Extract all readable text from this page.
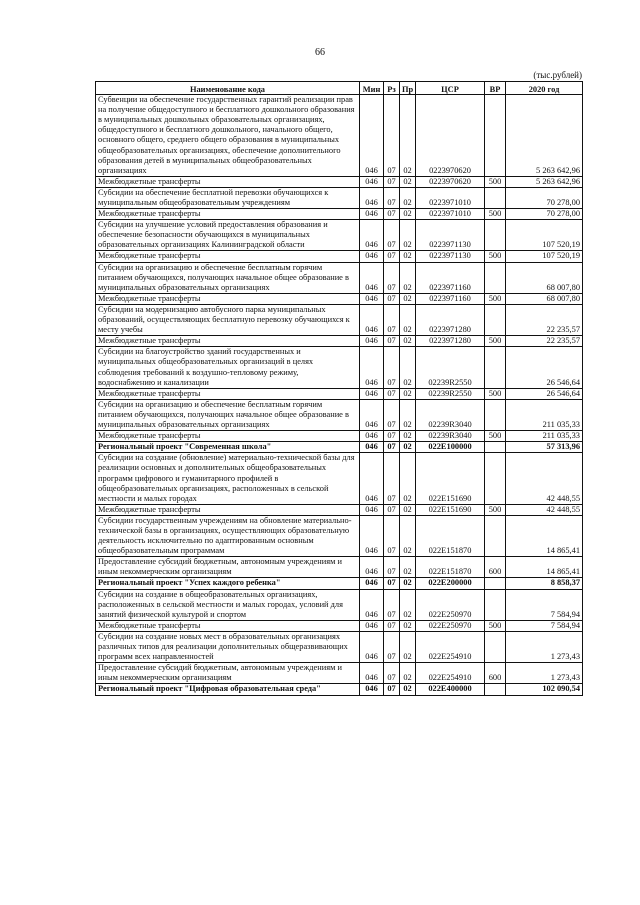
66
(тыс.рублей)
Наименование кода	Мин	Рз	Пр	ЦСР	ВР	2020 год
Субвенции на обеспечение государственных гарантий реализации прав на получение общедоступного и бесплатного дошкольного образования в муниципальных дошкольных образовательных организациях, общедоступного и бесплатного дошкольного, начального общего, основного общего, среднего общего образования в муниципальных общеобразовательных организациях, обеспечение дополнительного образования детей в муниципальных общеобразовательных организациях	046	07	02	0223970620		5 263 642,96
Межбюджетные трансферты	046	07	02	0223970620	500	5 263 642,96
Субсидии на обеспечение бесплатной перевозки обучающихся к муниципальным общеобразовательным учреждениям	046	07	02	0223971010		70 278,00
Межбюджетные трансферты	046	07	02	0223971010	500	70 278,00
Субсидии на улучшение условий предоставления образования и обеспечение безопасности обучающихся в муниципальных образовательных организациях Калининградской области	046	07	02	0223971130		107 520,19
Межбюджетные трансферты	046	07	02	0223971130	500	107 520,19
Субсидии на организацию и обеспечение бесплатным горячим питанием обучающихся, получающих начальное общее образование в муниципальных образовательных организациях	046	07	02	0223971160		68 007,80
Межбюджетные трансферты	046	07	02	0223971160	500	68 007,80
Субсидии на модернизацию автобусного парка муниципальных образований, осуществляющих бесплатную перевозку обучающихся к месту учебы	046	07	02	0223971280		22 235,57
Межбюджетные трансферты	046	07	02	0223971280	500	22 235,57
Субсидии на благоустройство зданий государственных и муниципальных общеобразовательных организаций в целях соблюдения требований к воздушно-тепловому режиму, водоснабжению и канализации	046	07	02	02239R2550		26 546,64
Межбюджетные трансферты	046	07	02	02239R2550	500	26 546,64
Субсидии на организацию и обеспечение бесплатным горячим питанием обучающихся, получающих начальное общее образование в муниципальных образовательных организациях	046	07	02	02239R3040		211 035,33
Межбюджетные трансферты	046	07	02	02239R3040	500	211 035,33
Региональный проект "Современная школа"	046	07	02	022E100000		57 313,96
Субсидии на создание (обновление) материально-технической базы для реализации основных и дополнительных общеобразовательных программ цифрового и гуманитарного профилей в общеобразовательных организациях, расположенных в сельской местности и малых городах	046	07	02	022E151690		42 448,55
Межбюджетные трансферты	046	07	02	022E151690	500	42 448,55
Субсидии государственным учреждениям на обновление материально-технической базы в организациях, осуществляющих образовательную деятельность исключительно по адаптированным основным общеобразовательным программам	046	07	02	022E151870		14 865,41
Предоставление субсидий бюджетным, автономным учреждениям и иным некоммерческим организациям	046	07	02	022E151870	600	14 865,41
Региональный проект "Успех каждого ребенка"	046	07	02	022E200000		8 858,37
Субсидии на создание в общеобразовательных организациях, расположенных в сельской местности и малых городах, условий для занятий физической культурой и спортом	046	07	02	022E250970		7 584,94
Межбюджетные трансферты	046	07	02	022E250970	500	7 584,94
Субсидии на создание новых мест в образовательных организациях различных типов для реализации дополнительных общеразвивающих программ всех направленностей	046	07	02	022E254910		1 273,43
Предоставление субсидий бюджетным, автономным учреждениям и иным некоммерческим организациям	046	07	02	022E254910	600	1 273,43
Региональный проект "Цифровая образовательная среда"	046	07	02	022E400000		102 090,54
